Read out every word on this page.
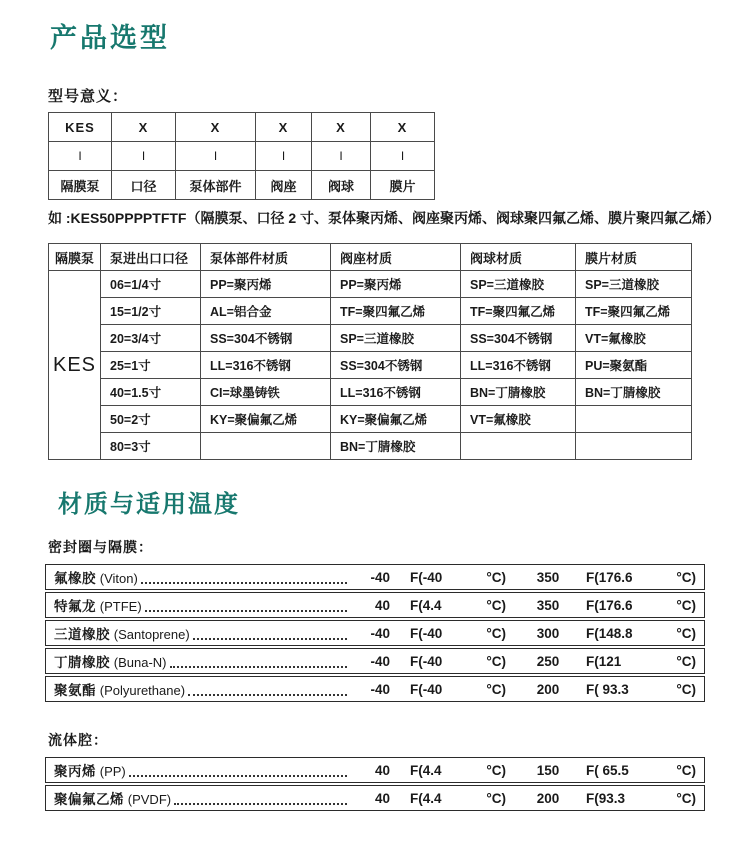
产品选型
型号意义：
KES	X	X	X	X	X
I	I	I	I	I	I
隔膜泵	口径	泵体部件	阀座	阀球	膜片
如 :KES50PPPPTFTF（隔膜泵、口径 2 寸、泵体聚丙烯、阀座聚丙烯、阀球聚四氟乙烯、膜片聚四氟乙烯）
隔膜泵	泵进出口口径	泵体部件材质	阀座材质	阀球材质	膜片材质
KES	06=1/4寸	PP=聚丙烯	PP=聚丙烯	SP=三道橡胶	SP=三道橡胶
	15=1/2寸	AL=铝合金	TF=聚四氟乙烯	TF=聚四氟乙烯	TF=聚四氟乙烯
	20=3/4寸	SS=304不锈钢	SP=三道橡胶	SS=304不锈钢	VT=氟橡胶
	25=1寸	LL=316不锈钢	SS=304不锈钢	LL=316不锈钢	PU=聚氨酯
	40=1.5寸	CI=球墨铸铁	LL=316不锈钢	BN=丁腈橡胶	BN=丁腈橡胶
	50=2寸	KY=聚偏氟乙烯	KY=聚偏氟乙烯	VT=氟橡胶	
	80=3寸		BN=丁腈橡胶		
材质与适用温度
密封圈与隔膜：
氟橡胶 (Viton)	-40 F(-40	°C)	350	F(176.6	°C)
特氟龙 (PTFE)	40 F(4.4	°C)	350	F(176.6	°C)
三道橡胶 (Santoprene)	-40 F(-40	°C)	300	F(148.8	°C)
丁腈橡胶 (Buna-N)	-40 F(-40	°C)	250	F(121	°C)
聚氨酯 (Polyurethane)	-40 F(-40	°C)	200	F( 93.3	°C)
流体腔：
聚丙烯 (PP)	40 F(4.4	°C)	150	F( 65.5	°C)
聚偏氟乙烯 (PVDF)	40 F(4.4	°C)	200	F(93.3	°C)
